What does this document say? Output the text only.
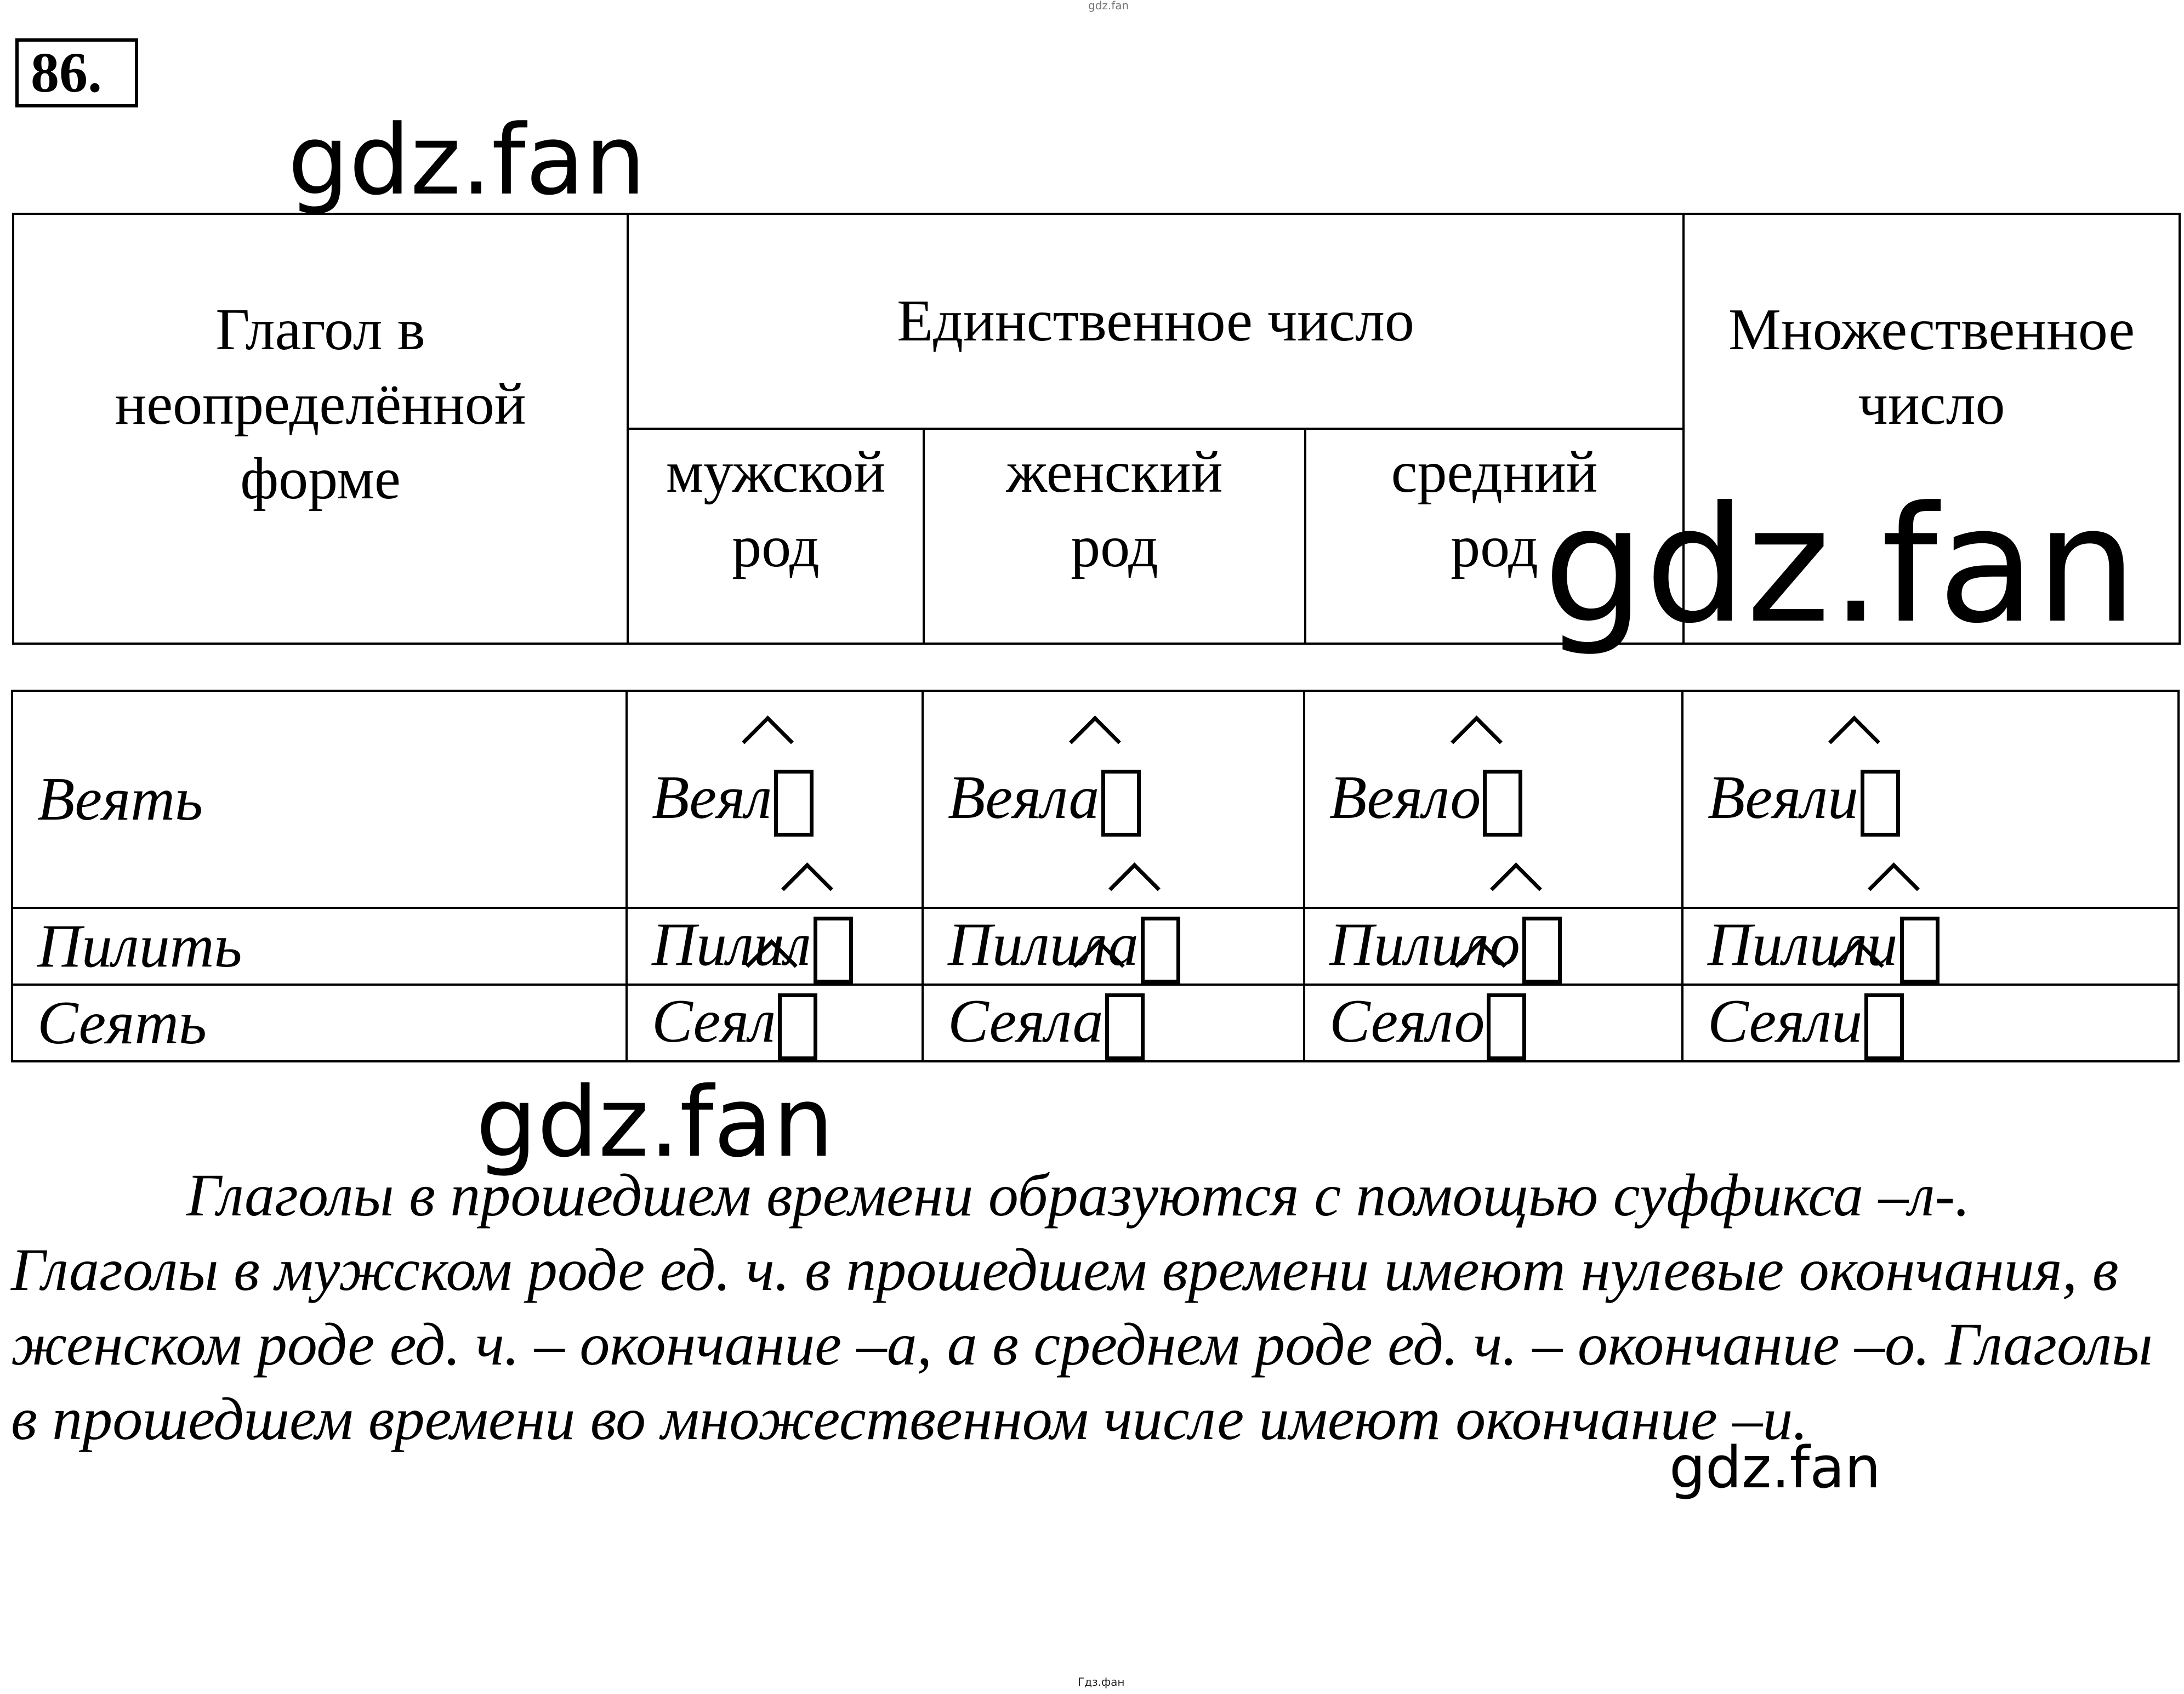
86.
gdz.fan
gdz.fan
gdz.fan
gdz.fan
gdz.fan
Гдз.фан
Глагол в неопределённой форме	Единственное число			Множественное число

	мужской род	женский род	средний род	
Веять	Веял	Веяла	Веяло	Веяли
Пилить	Пилил	Пилила	Пилило	Пилили
Сеять	Сеял	Сеяла	Сеяло	Сеяли

Глаголы в прошедшем времени образуются с помощью суффикса –л-. Глаголы в мужском роде ед. ч. в прошедшем времени имеют нулевые окончания, в женском роде ед. ч. – окончание –а, а в среднем роде ед. ч. – окончание –о. Глаголы в прошедшем времени во множественном числе имеют окончание –и.
